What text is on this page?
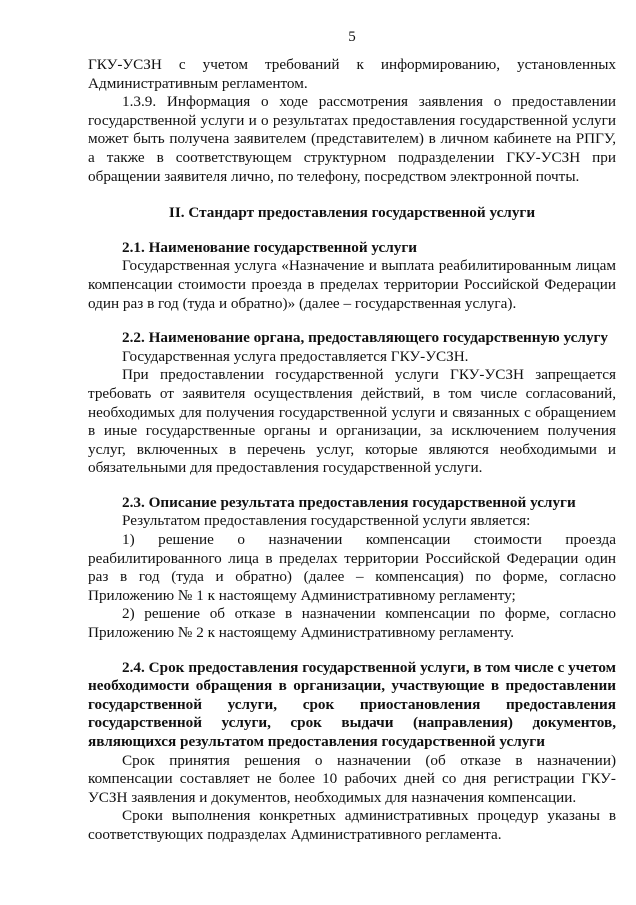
5

ГКУ-УСЗН с учетом требований к информированию, установленных Административным регламентом.

1.3.9. Информация о ходе рассмотрения заявления о предоставлении государственной услуги и о результатах предоставления государственной услуги может быть получена заявителем (представителем) в личном кабинете на РПГУ, а также в соответствующем структурном подразделении ГКУ-УСЗН при обращении заявителя лично, по телефону, посредством электронной почты.

II. Стандарт предоставления государственной услуги

2.1. Наименование государственной услуги

Государственная услуга «Назначение и выплата реабилитированным лицам компенсации стоимости проезда в пределах территории Российской Федерации один раз в год (туда и обратно)» (далее – государственная услуга).

2.2. Наименование органа, предоставляющего государственную услугу

Государственная услуга предоставляется ГКУ-УСЗН.

При предоставлении государственной услуги ГКУ-УСЗН запрещается требовать от заявителя осуществления действий, в том числе согласований, необходимых для получения государственной услуги и связанных с обращением в иные государственные органы и организации, за исключением получения услуг, включенных в перечень услуг, которые являются необходимыми и обязательными для предоставления государственной услуги.

2.3. Описание результата предоставления государственной услуги

Результатом предоставления государственной услуги является:

1) решение о назначении компенсации стоимости проезда реабилитированного лица в пределах территории Российской Федерации один раз в год (туда и обратно) (далее – компенсация) по форме, согласно Приложению № 1 к настоящему Административному регламенту;

2) решение об отказе в назначении компенсации по форме, согласно Приложению № 2 к настоящему Административному регламенту.

2.4. Срок предоставления государственной услуги, в том числе с учетом необходимости обращения в организации, участвующие в предоставлении государственной услуги, срок приостановления предоставления государственной услуги, срок выдачи (направления) документов, являющихся результатом предоставления государственной услуги

Срок принятия решения о назначении (об отказе в назначении) компенсации составляет не более 10 рабочих дней со дня регистрации ГКУ-УСЗН заявления и документов, необходимых для назначения компенсации.

Сроки выполнения конкретных административных процедур указаны в соответствующих подразделах Административного регламента.
